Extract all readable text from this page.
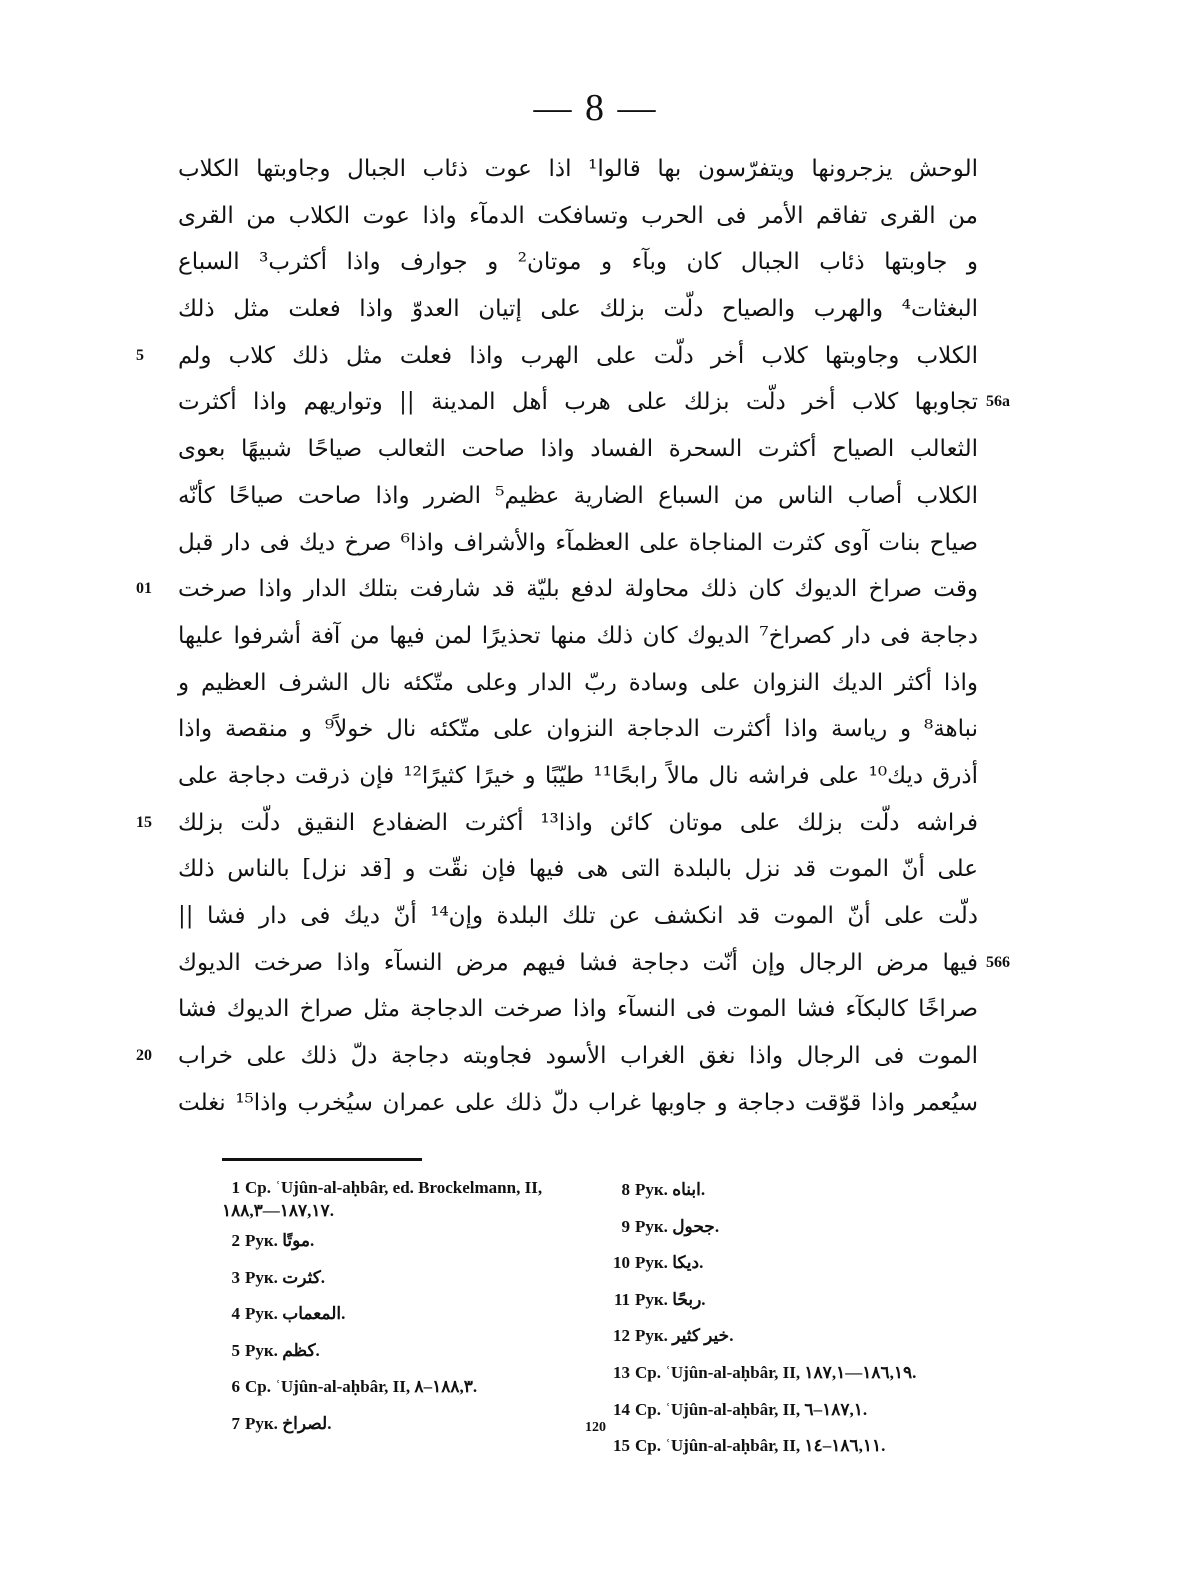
— 8 —
الوحش يزجرونها ويتفرّسون بها قالوا¹ اذا عوت ذئاب الجبال وجاوبتها الكلاب
من القرى تفاقم الأمر فى الحرب وتسافكت الدمآء واذا عوت الكلاب من القرى
و جاوبتها ذئاب الجبال كان وبآء و موتان² و جوارف واذا أكثرب³ السباع
البغثات⁴ والهرب والصياح دلّت بزلك على إتيان العدوّ واذا فعلت مثل ذلك
الكلاب وجاوبتها كلاب أخر دلّت على الهرب واذا فعلت مثل ذلك كلاب ولم
5
تجاوبها كلاب أخر دلّت بزلك على هرب أهل المدينة || وتواريهم واذا أكثرت 56a
الثعالب الصياح أكثرت السحرة الفساد واذا صاحت الثعالب صياحًا شبيهًا بعوى
الكلاب أصاب الناس من السباع الضارية عظيم⁵ الضرر واذا صاحت صياحًا كأنّه
صياح بنات آوى كثرت المناجاة على العظمآء والأشراف واذا⁶ صرخ ديك فى دار قبل
وقت صراخ الديوك كان ذلك محاولة لدفع بليّة قد شارفت بتلك الدار واذا صرخت
01
دجاجة فى دار كصراخ⁷ الديوك كان ذلك منها تحذيرًا لمن فيها من آفة أشرفوا عليها
واذا أكثر الديك النزوان على وسادة ربّ الدار وعلى متّكئه نال الشرف العظيم و
نباهة⁸ و رياسة واذا أكثرت الدجاجة النزوان على متّكئه نال خولاً⁹ و منقصة واذا
أذرق ديك¹⁰ على فراشه نال مالاً رابحًا¹¹ طيّبًا و خيرًا كثيرًا¹² فإن ذرقت دجاجة على
فراشه دلّت بزلك على موتان كائن واذا¹³ أكثرت الضفادع النقيق دلّت بزلك
15
على أنّ الموت قد نزل بالبلدة التى هى فيها فإن نقّت و [قد نزل] بالناس ذلك
دلّت على أنّ الموت قد انكشف عن تلك البلدة وإن¹⁴ أنّ ديك فى دار فشا ||
فيها مرض الرجال وإن أنّت دجاجة فشا فيهم مرض النسآء واذا صرخت الديوك 566
صراخًا كالبكآء فشا الموت فى النسآء واذا صرخت الدجاجة مثل صراخ الديوك فشا
الموت فى الرجال واذا نغق الغراب الأسود فجاوبته دجاجة دلّ ذلك على خراب
20
سيُعمر واذا قوّقت دجاجة و جاوبها غراب دلّ ذلك على عمران سيُخرب واذا¹⁵ نغلت
1 Cp. ʿUjûn-al-aḥbâr, ed. Brockelmann, II, ١٨٧,١٧—١٨٨,٣.
2 Рук. موتًا.
3 Рук. كثرت.
4 Рук. المعماب.
5 Рук. كظم.
6 Cp. ʿUjûn-al-aḥbâr, II, ١٨٨,٣–٨.
7 Рук. لصراخ.
8 Рук. ابناه.
9 Рук. جحول.
10 Рук. ديكا.
11 Рук. ربحًا.
12 Рук. خير كثير.
13 Cp. ʿUjûn-al-aḥbâr, II, ١٨٦,١٩—١٨٧,١.
14 Cp. ʿUjûn-al-aḥbâr, II, ١٨٧,١–٦.
15 Cp. ʿUjûn-al-aḥbâr, II, ١٨٦,١١–١٤.
120
